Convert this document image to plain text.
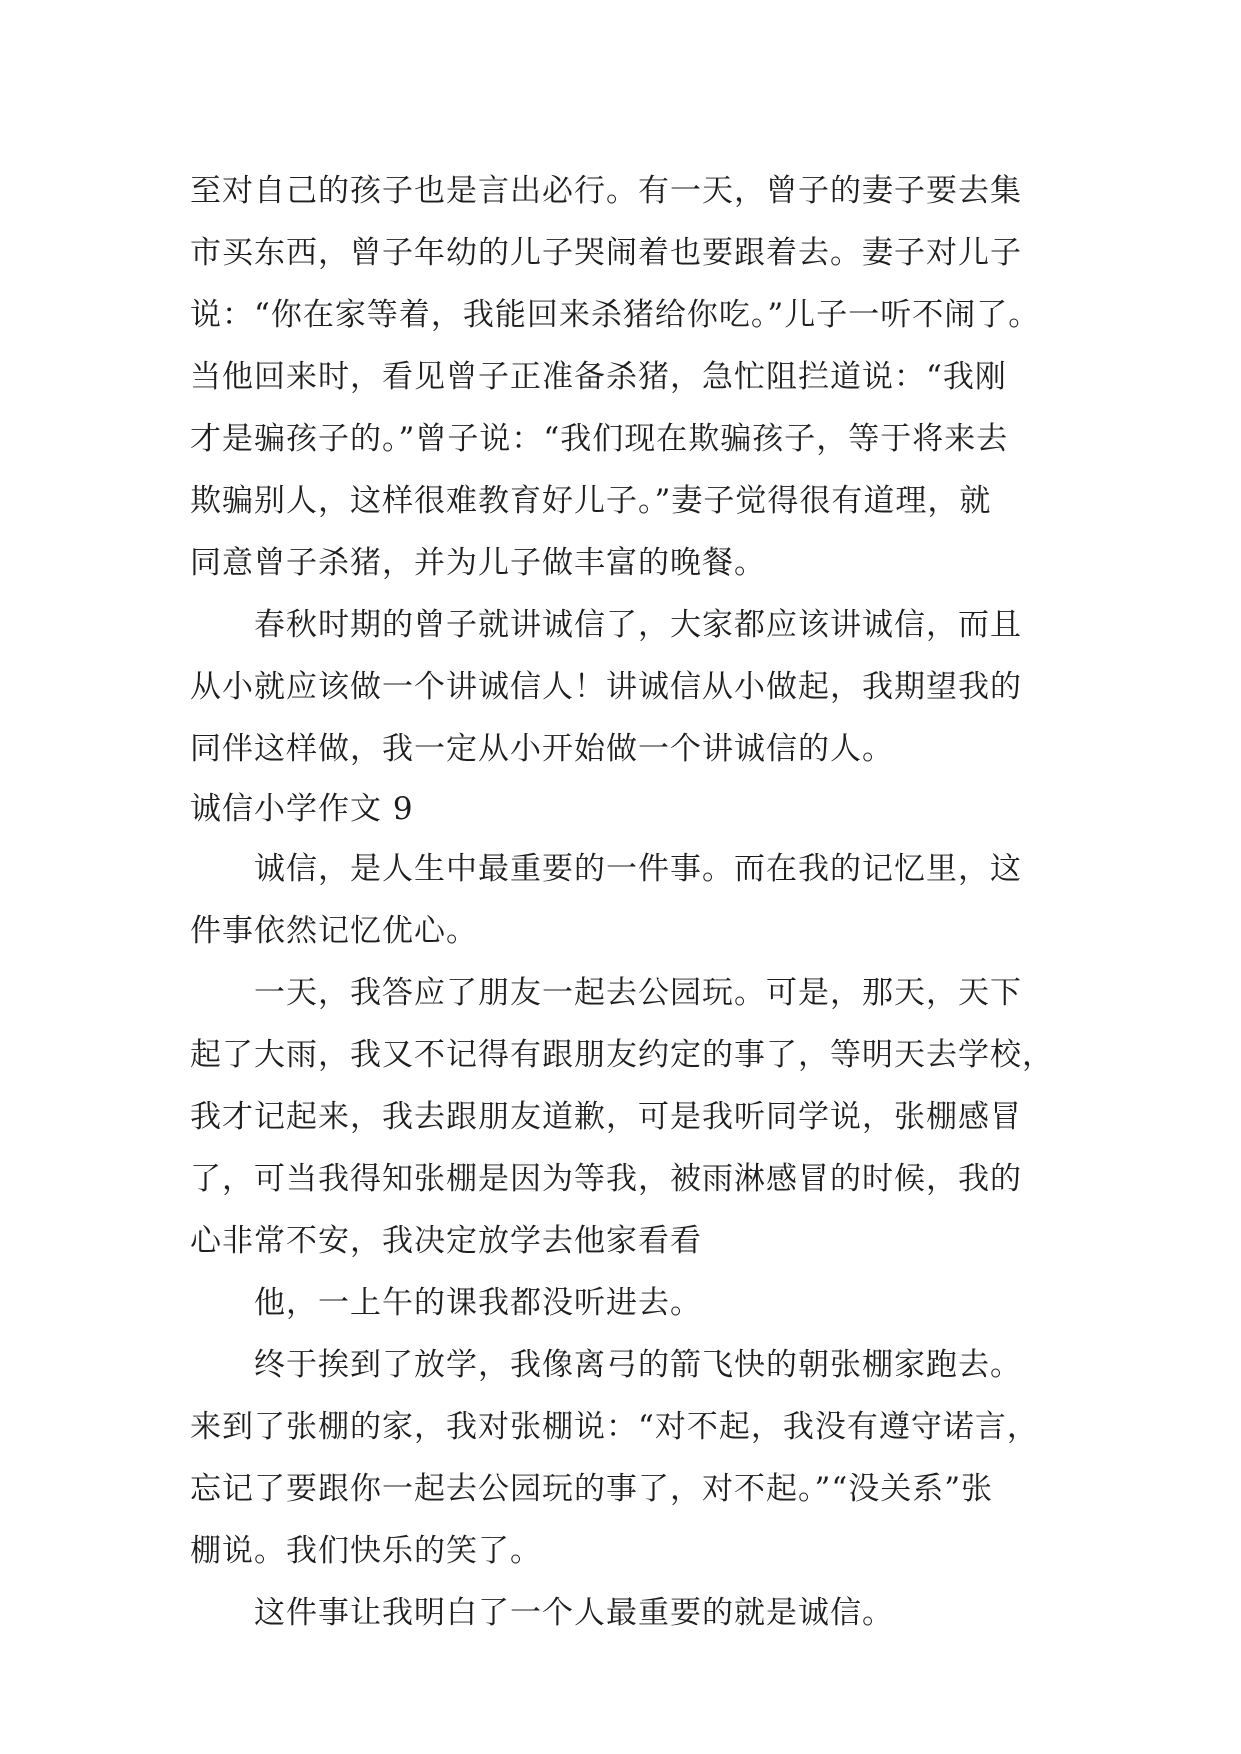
至对自己的孩子也是言出必行。有一天，曾子的妻子要去集
市买东西，曾子年幼的儿子哭闹着也要跟着去。妻子对儿子
说：“你在家等着，我能回来杀猪给你吃。”儿子一听不闹了。
当他回来时，看见曾子正准备杀猪，急忙阻拦道说：“我刚
才是骗孩子的。”曾子说：“我们现在欺骗孩子，等于将来去
欺骗别人，这样很难教育好儿子。”妻子觉得很有道理，就
同意曾子杀猪，并为儿子做丰富的晚餐。
春秋时期的曾子就讲诚信了，大家都应该讲诚信，而且
从小就应该做一个讲诚信人！讲诚信从小做起，我期望我的
同伴这样做，我一定从小开始做一个讲诚信的人。
诚信小学作文 9
诚信，是人生中最重要的一件事。而在我的记忆里，这
件事依然记忆优心。
一天，我答应了朋友一起去公园玩。可是，那天，天下
起了大雨，我又不记得有跟朋友约定的事了，等明天去学校，
我才记起来，我去跟朋友道歉，可是我听同学说，张棚感冒
了，可当我得知张棚是因为等我，被雨淋感冒的时候，我的
心非常不安，我决定放学去他家看看
他，一上午的课我都没听进去。
终于挨到了放学，我像离弓的箭飞快的朝张棚家跑去。
来到了张棚的家，我对张棚说：“对不起，我没有遵守诺言，
忘记了要跟你一起去公园玩的事了，对不起。”“没关系”张
棚说。我们快乐的笑了。
这件事让我明白了一个人最重要的就是诚信。
